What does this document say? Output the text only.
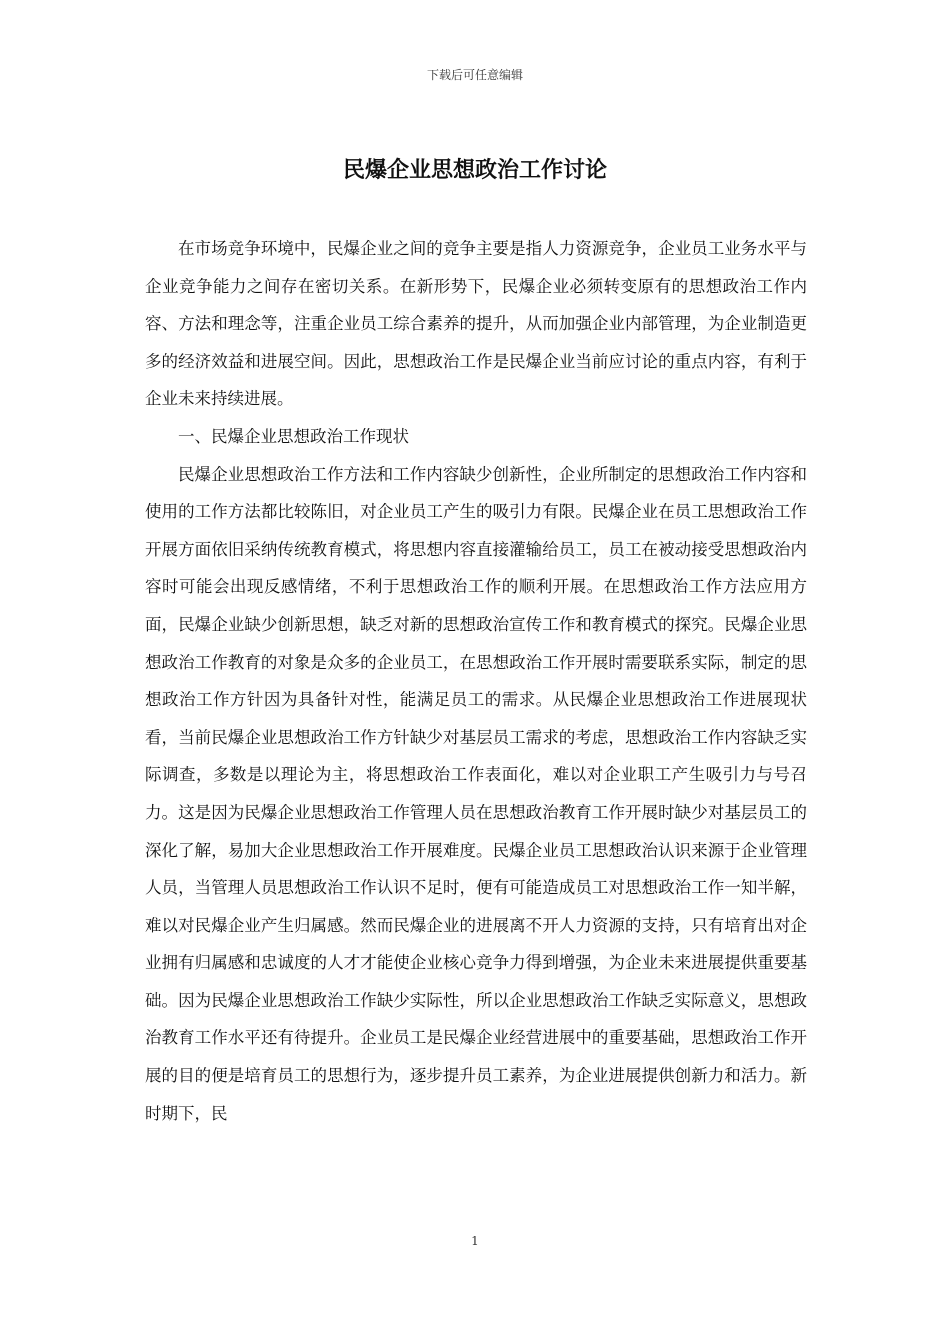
下载后可任意编辑
民爆企业思想政治工作讨论

在市场竞争环境中，民爆企业之间的竞争主要是指人力资源竞争，企业员工业务水平与企业竞争能力之间存在密切关系。在新形势下，民爆企业必须转变原有的思想政治工作内容、方法和理念等，注重企业员工综合素养的提升，从而加强企业内部管理，为企业制造更多的经济效益和进展空间。因此，思想政治工作是民爆企业当前应讨论的重点内容，有利于企业未来持续进展。

一、民爆企业思想政治工作现状

民爆企业思想政治工作方法和工作内容缺少创新性，企业所制定的思想政治工作内容和使用的工作方法都比较陈旧，对企业员工产生的吸引力有限。民爆企业在员工思想政治工作开展方面依旧采纳传统教育模式，将思想内容直接灌输给员工，员工在被动接受思想政治内容时可能会出现反感情绪，不利于思想政治工作的顺利开展。在思想政治工作方法应用方面，民爆企业缺少创新思想，缺乏对新的思想政治宣传工作和教育模式的探究。民爆企业思想政治工作教育的对象是众多的企业员工，在思想政治工作开展时需要联系实际，制定的思想政治工作方针因为具备针对性，能满足员工的需求。从民爆企业思想政治工作进展现状看，当前民爆企业思想政治工作方针缺少对基层员工需求的考虑，思想政治工作内容缺乏实际调查，多数是以理论为主，将思想政治工作表面化，难以对企业职工产生吸引力与号召力。这是因为民爆企业思想政治工作管理人员在思想政治教育工作开展时缺少对基层员工的深化了解，易加大企业思想政治工作开展难度。民爆企业员工思想政治认识来源于企业管理人员，当管理人员思想政治工作认识不足时，便有可能造成员工对思想政治工作一知半解，难以对民爆企业产生归属感。然而民爆企业的进展离不开人力资源的支持，只有培育出对企业拥有归属感和忠诚度的人才才能使企业核心竞争力得到增强，为企业未来进展提供重要基础。因为民爆企业思想政治工作缺少实际性，所以企业思想政治工作缺乏实际意义，思想政治教育工作水平还有待提升。企业员工是民爆企业经营进展中的重要基础，思想政治工作开展的目的便是培育员工的思想行为，逐步提升员工素养，为企业进展提供创新力和活力。新时期下，民

1
